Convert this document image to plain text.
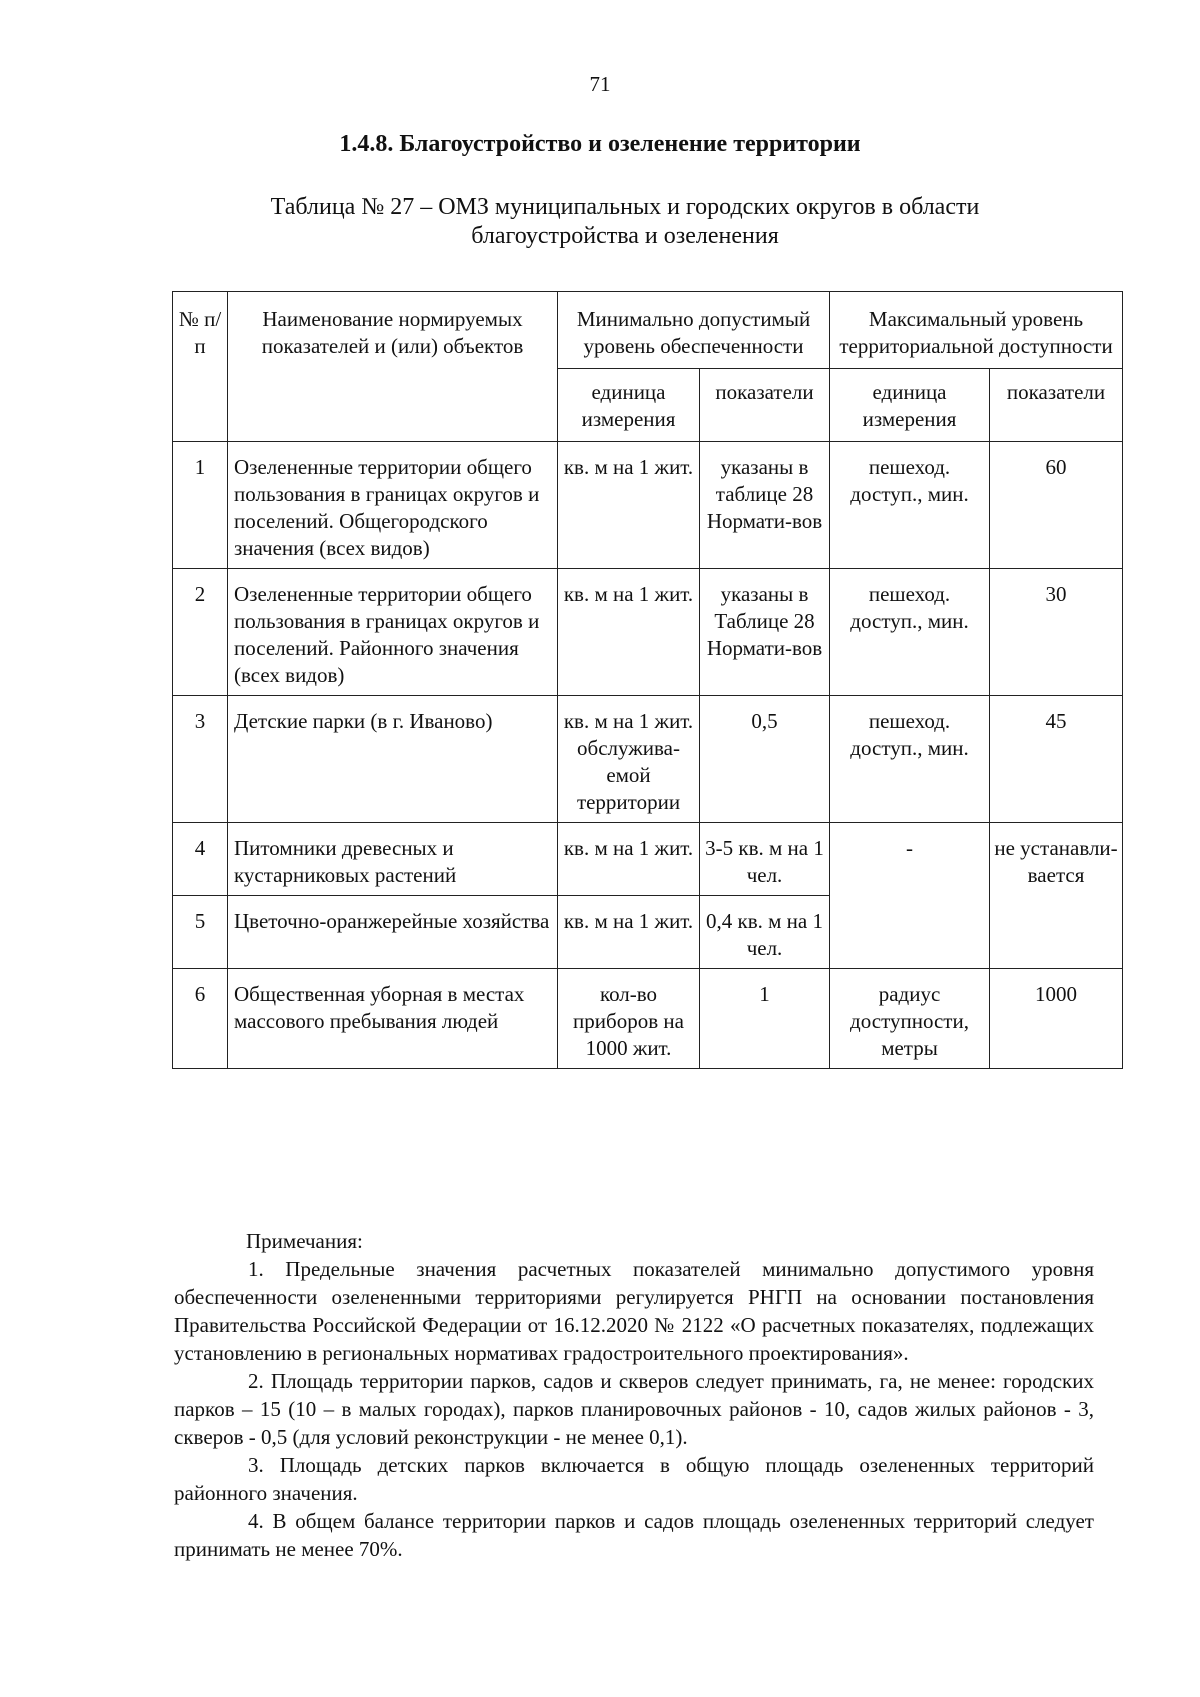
71
1.4.8. Благоустройство и озеленение территории
Таблица № 27 – ОМЗ муниципальных и городских округов в области
благоустройства и озеленения
№ п/п	Наименование нормируемых показателей и (или) объектов	Минимально допустимый уровень обеспеченности		Максимальный уровень территориальной доступности	
		единица измерения	показатели	единица измерения	показатели
1	Озелененные территории общего пользования в границах округов и поселений. Общегородского значения (всех видов)	кв. м на 1 жит.	указаны в таблице 28 Нормати-вов	пешеход. доступ., мин.	60
2	Озелененные территории общего пользования в границах округов и поселений. Районного значения (всех видов)	кв. м на 1 жит.	указаны в Таблице 28 Нормати-вов	пешеход. доступ., мин.	30
3	Детские парки (в г. Иваново)	кв. м на 1 жит. обслужива-емой территории	0,5	пешеход. доступ., мин.	45
4	Питомники древесных и кустарниковых растений	кв. м на 1 жит.	3-5 кв. м на 1 чел.	-	не устанавли-вается
5	Цветочно-оранжерейные хозяйства	кв. м на 1 жит.	0,4 кв. м на 1 чел.		
6	Общественная уборная в местах массового пребывания людей	кол-во приборов на 1000 жит.	1	радиус доступности, метры	1000
Примечания:

1. Предельные значения расчетных показателей минимально допустимого уровня обеспеченности озелененными территориями регулируется РНГП на основании постановления Правительства Российской Федерации от 16.12.2020 № 2122 «О расчетных показателях, подлежащих установлению в региональных нормативах градостроительного проектирования».

2. Площадь территории парков, садов и скверов следует принимать, га, не менее: городских парков – 15 (10 – в малых городах), парков планировочных районов - 10, садов жилых районов - 3, скверов - 0,5 (для условий реконструкции - не менее 0,1).

3. Площадь детских парков включается в общую площадь озелененных территорий районного значения.

4. В общем балансе территории парков и садов площадь озелененных территорий следует принимать не менее 70%.
